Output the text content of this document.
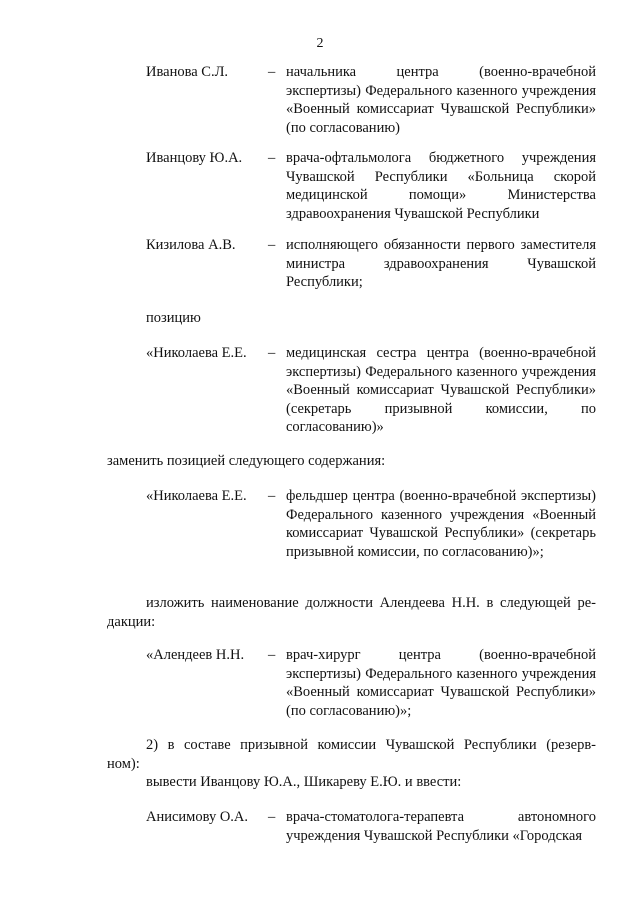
2
Иванова С.Л.	– начальника центра (военно-врачебной экспертизы) Федерального казенного учреждения «Военный комиссариат Чувашской Республики» (по согласованию)
Иванцову Ю.А. – врача-офтальмолога бюджетного учреждения Чувашской Республики «Больница скорой медицинской помощи» Министерства здравоохранения Чувашской Республики
Кизилова А.В. – исполняющего обязанности первого заместителя министра здравоохранения Чувашской Республики;
позицию
«Николаева Е.Е. – медицинская сестра центра (военно-врачебной экспертизы) Федерального казенного учреждения «Военный комиссариат Чувашской Республики» (секретарь призывной комиссии, по согласованию)»
заменить позицией следующего содержания:
«Николаева Е.Е. – фельдшер центра (военно-врачебной экспертизы) Федерального казенного учреждения «Военный комиссариат Чувашской Республики» (секретарь призывной комиссии, по согласованию)»;
изложить наименование должности Алендеева Н.Н. в следующей ре-
дакции:
«Алендеев Н.Н. – врач-хирург центра (военно-врачебной экспертизы) Федерального казенного учреждения «Военный комиссариат Чувашской Республики» (по согласованию)»;
2) в составе призывной комиссии Чувашской Республики (резерв-
ном):
вывести Иванцову Ю.А., Шикареву Е.Ю. и ввести:
Анисимову О.А. – врача-стоматолога-терапевта автономного учреждения Чувашской Республики «Городская
